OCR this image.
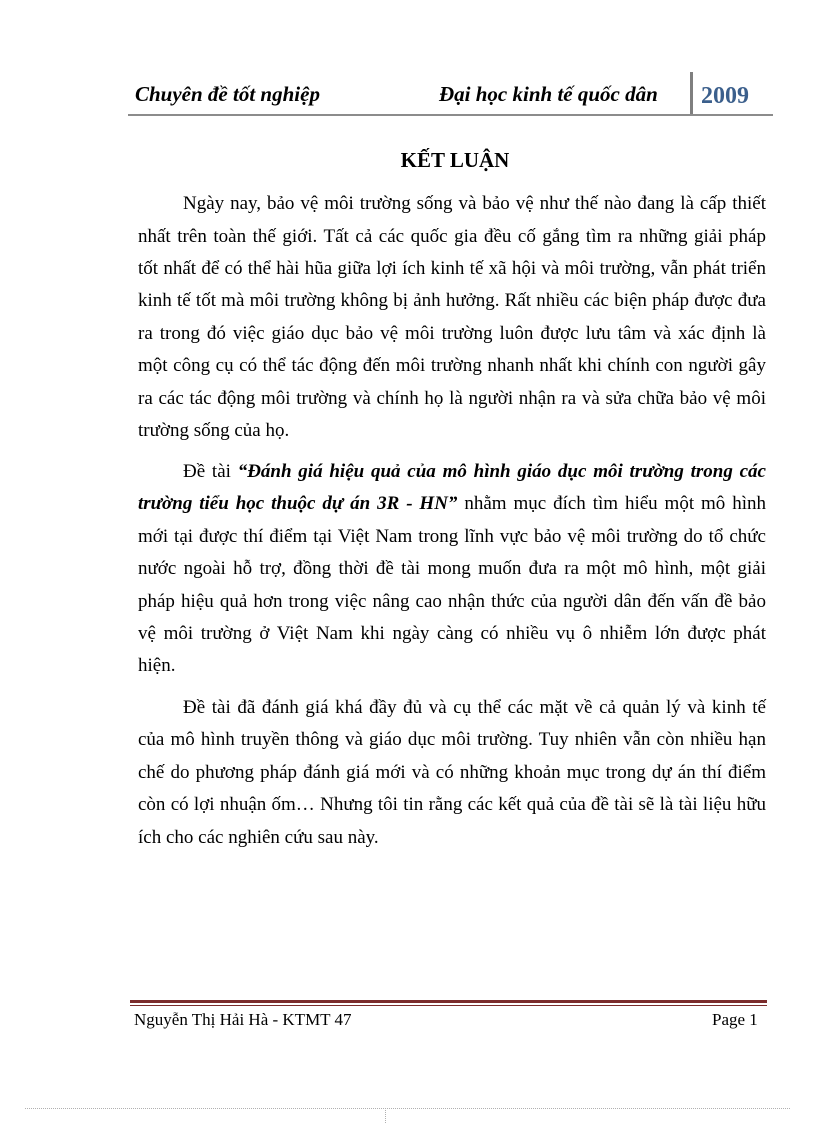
Chuyên đề tốt nghiệp	Đại học kinh tế quốc dân 2009
KẾT LUẬN
Ngày nay, bảo vệ môi trường sống và bảo vệ như thế nào đang là cấp thiết
nhất trên toàn thế giới. Tất cả các quốc gia đều cố gắng tìm ra những giải pháp
tốt nhất để có thể hài hũa giữa lợi ích kinh tế xã hội và môi trường, vẫn phát triển
kinh tế tốt mà môi trường không bị ảnh hưởng. Rất nhiều các biện pháp được đưa
ra trong đó việc giáo dục bảo vệ môi trường luôn được lưu tâm và xác định là
một công cụ có thể tác động đến môi trường nhanh nhất khi chính con người gây
ra các tác động môi trường và chính họ là người nhận ra và sửa chữa bảo vệ môi
trường sống của họ.
Đề tài “Đánh giá hiệu quả của mô hình giáo dục môi trường trong các
trường tiểu học thuộc dự án 3R - HN” nhằm mục đích tìm hiểu một mô hình
mới tại được thí điểm tại Việt Nam trong lĩnh vực bảo vệ môi trường do tổ chức
nước ngoài hỗ trợ, đồng thời đề tài mong muốn đưa ra một mô hình, một giải
pháp hiệu quả hơn trong việc nâng cao nhận thức của người dân đến vấn đề bảo
vệ môi trường ở Việt Nam khi ngày càng có nhiều vụ ô nhiễm lớn được phát
hiện.
Đề tài đã đánh giá khá đầy đủ và cụ thể các mặt về cả quản lý và kinh tế
của mô hình truyền thông và giáo dục môi trường. Tuy nhiên vẫn còn nhiều hạn
chế do phương pháp đánh giá mới và có những khoản mục trong dự án thí điểm
còn có lợi nhuận ốm… Nhưng tôi tin rằng các kết quả của đề tài sẽ là tài liệu hữu
ích cho các nghiên cứu sau này.
Nguyễn Thị Hải Hà - KTMT 47	Page 1
